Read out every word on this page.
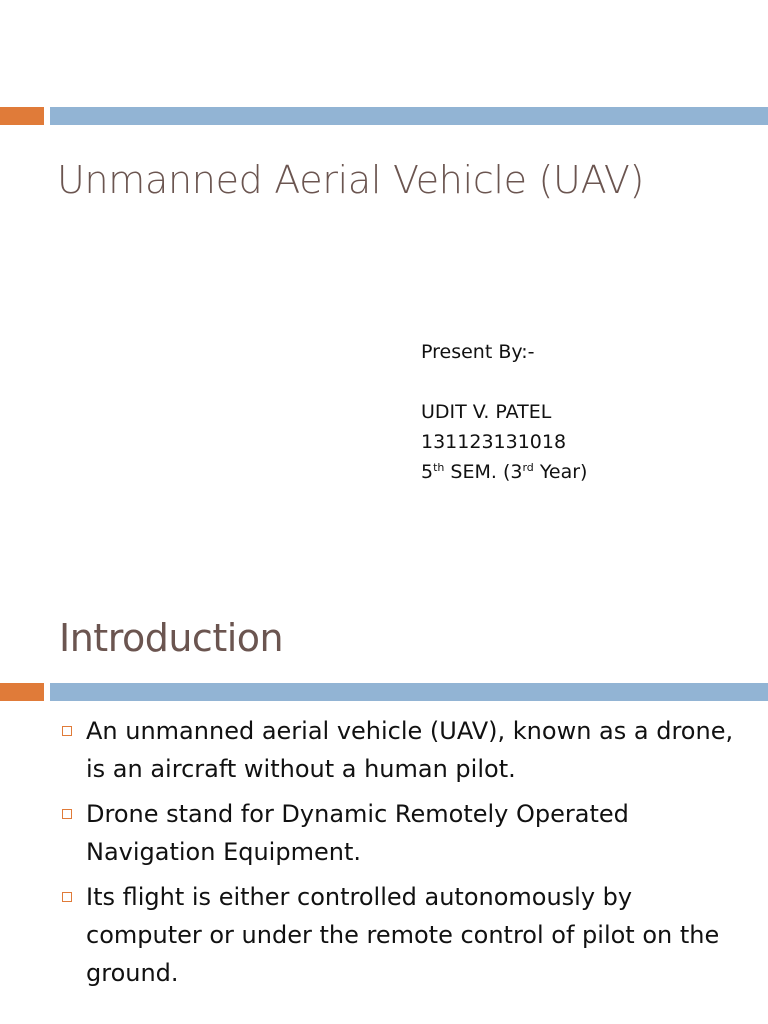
Unmanned Aerial Vehicle (UAV)
Present By:-
UDIT V. PATEL
131123131018
5th SEM. (3rd Year)
Introduction
An unmanned aerial vehicle (UAV), known as a drone, is an aircraft without a human pilot.
Drone stand for Dynamic Remotely Operated Navigation Equipment.
Its flight is either controlled autonomously by computer or under the remote control of pilot on the ground.
